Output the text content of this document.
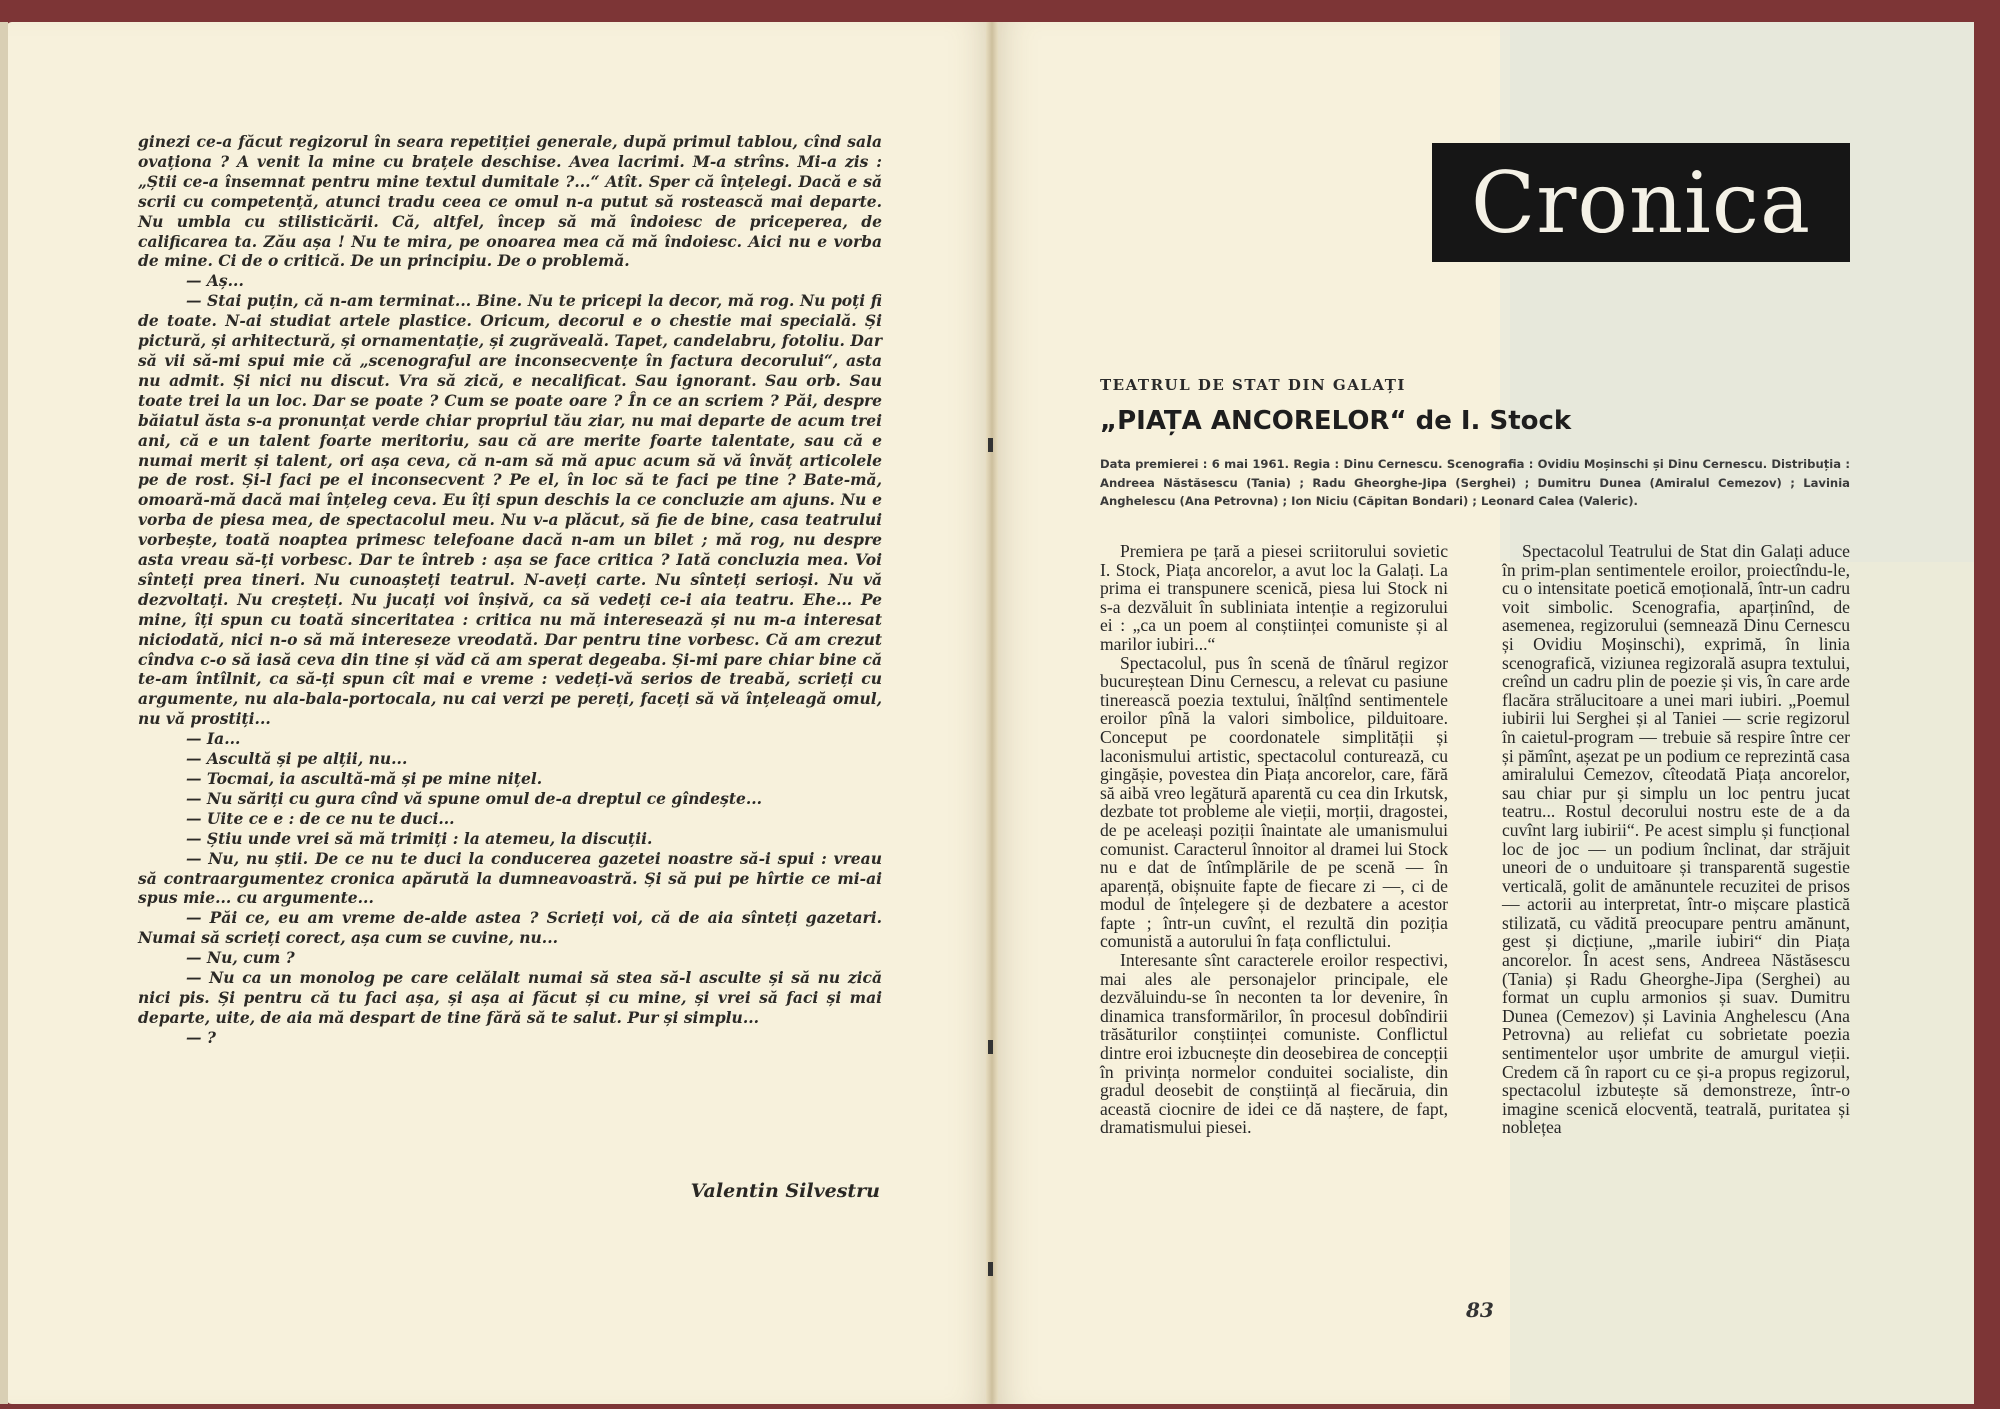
ginezi ce-a făcut regizorul în seara repetiției generale, după primul tablou, cînd sala ovaționa ? A venit la mine cu brațele deschise. Avea lacrimi. M-a strîns. Mi-a zis : „Știi ce-a însemnat pentru mine textul dumitale ?...“ Atît. Sper că înțelegi. Dacă e să scrii cu competență, atunci tradu ceea ce omul n-a putut să rostească mai departe. Nu umbla cu stilisticării. Că, altfel, încep să mă îndoiesc de priceperea, de calificarea ta. Zău așa ! Nu te mira, pe onoarea mea că mă îndoiesc. Aici nu e vorba de mine. Ci de o critică. De un principiu. De o problemă.

— Aș...

— Stai puțin, că n-am terminat... Bine. Nu te pricepi la decor, mă rog. Nu poți fi de toate. N-ai studiat artele plastice. Oricum, decorul e o chestie mai specială. Și pictură, și arhitectură, și ornamentație, și zugrăveală. Tapet, candelabru, fotoliu. Dar să vii să-mi spui mie că „scenograful are inconsecvențe în factura decorului“, asta nu admit. Și nici nu discut. Vra să zică, e necalificat. Sau ignorant. Sau orb. Sau toate trei la un loc. Dar se poate ? Cum se poate oare ? În ce an scriem ? Păi, despre băiatul ăsta s-a pronunțat verde chiar propriul tău ziar, nu mai departe de acum trei ani, că e un talent foarte meritoriu, sau că are merite foarte talentate, sau că e numai merit și talent, ori așa ceva, că n-am să mă apuc acum să vă învăț articolele pe de rost. Și-l faci pe el inconsecvent ? Pe el, în loc să te faci pe tine ? Bate-mă, omoară-mă dacă mai înțeleg ceva. Eu îți spun deschis la ce concluzie am ajuns. Nu e vorba de piesa mea, de spectacolul meu. Nu v-a plăcut, să fie de bine, casa teatrului vorbește, toată noaptea primesc telefoane dacă n-am un bilet ; mă rog, nu despre asta vreau să-ți vorbesc. Dar te întreb : așa se face critica ? Iată concluzia mea. Voi sînteți prea tineri. Nu cunoașteți teatrul. N-aveți carte. Nu sînteți serioși. Nu vă dezvoltați. Nu creșteți. Nu jucați voi înșivă, ca să vedeți ce-i aia teatru. Ehe... Pe mine, îți spun cu toată sinceritatea : critica nu mă interesează și nu m-a interesat niciodată, nici n-o să mă intereseze vreodată. Dar pentru tine vorbesc. Că am crezut cîndva c-o să iasă ceva din tine și văd că am sperat degeaba. Și-mi pare chiar bine că te-am întîlnit, ca să-ți spun cît mai e vreme : vedeți-vă serios de treabă, scrieți cu argumente, nu ala-bala-portocala, nu cai verzi pe pereți, faceți să vă înțeleagă omul, nu vă prostiți...

— Ia...

— Ascultă și pe alții, nu...

— Tocmai, ia ascultă-mă și pe mine nițel.

— Nu săriți cu gura cînd vă spune omul de-a dreptul ce gîndește...

— Uite ce e : de ce nu te duci...

— Știu unde vrei să mă trimiți : la atemeu, la discuții.

— Nu, nu știi. De ce nu te duci la conducerea gazetei noastre să-i spui : vreau să contraargumentez cronica apărută la dumneavoastră. Și să pui pe hîrtie ce mi-ai spus mie... cu argumente...

— Păi ce, eu am vreme de-alde astea ? Scrieți voi, că de aia sînteți gazetari. Numai să scrieți corect, așa cum se cuvine, nu...

— Nu, cum ?

— Nu ca un monolog pe care celălalt numai să stea să-l asculte și să nu zică nici pis. Și pentru că tu faci așa, și așa ai făcut și cu mine, și vrei să faci și mai departe, uite, de aia mă despart de tine fără să te salut. Pur și simplu...

— ?

Valentin Silvestru
Cronica
TEATRUL DE STAT DIN GALAȚI
„PIAȚA ANCORELOR“ de I. Stock
Data premierei : 6 mai 1961. Regia : Dinu Cernescu. Scenografia : Ovidiu Moșinschi și Dinu Cernescu. Distribuția : Andreea Năstăsescu (Tania) ; Radu Gheorghe-Jipa (Serghei) ; Dumitru Dunea (Amiralul Cemezov) ; Lavinia Anghelescu (Ana Petrovna) ; Ion Niciu (Căpitan Bondari) ; Leonard Calea (Valeric).

Premiera pe țară a piesei scriitorului sovietic I. Stock, Piața ancorelor, a avut loc la Galați. La prima ei transpunere scenică, piesa lui Stock ni s-a dezvăluit în subliniata intenție a regizorului ei : „ca un poem al conștiinței comuniste și al marilor iubiri...“

Spectacolul, pus în scenă de tînărul regizor bucureștean Dinu Cernescu, a relevat cu pasiune tinerească poezia textului, înălțînd sentimentele eroilor pînă la valori simbolice, pilduitoare. Conceput pe coordonatele simplității și laconismului artistic, spectacolul conturează, cu gingășie, povestea din Piața ancorelor, care, fără să aibă vreo legătură aparentă cu cea din Irkutsk, dezbate tot probleme ale vieții, morții, dragostei, de pe aceleași poziții înaintate ale umanismului comunist. Caracterul înnoitor al dramei lui Stock nu e dat de întîmplările de pe scenă — în aparență, obișnuite fapte de fiecare zi —, ci de modul de înțelegere și de dezbatere a acestor fapte ; într-un cuvînt, el rezultă din poziția comunistă a autorului în fața conflictului.

Interesante sînt caracterele eroilor respectivi, mai ales ale personajelor principale, ele dezvăluindu-se în neconten ta lor devenire, în dinamica transformărilor, în procesul dobîndirii trăsăturilor conștiinței comuniste. Conflictul dintre eroi izbucnește din deosebirea de concepții în privința normelor conduitei socialiste, din gradul deosebit de conștiință al fiecăruia, din această ciocnire de idei ce dă naștere, de fapt, dramatismului piesei.

Spectacolul Teatrului de Stat din Galați aduce în prim-plan sentimentele eroilor, proiectîndu-le, cu o intensitate poetică emoțională, într-un cadru voit simbolic. Scenografia, aparținînd, de asemenea, regizorului (semnează Dinu Cernescu și Ovidiu Moșinschi), exprimă, în linia scenografică, viziunea regizorală asupra textului, creînd un cadru plin de poezie și vis, în care arde flacăra strălucitoare a unei mari iubiri. „Poemul iubirii lui Serghei și al Taniei — scrie regizorul în caietul-program — trebuie să respire între cer și pămînt, așezat pe un podium ce reprezintă casa amiralului Cemezov, cîteodată Piața ancorelor, sau chiar pur și simplu un loc pentru jucat teatru... Rostul decorului nostru este de a da cuvînt larg iubirii“. Pe acest simplu și funcțional loc de joc — un podium înclinat, dar străjuit uneori de o unduitoare și transparentă sugestie verticală, golit de amănuntele recuzitei de prisos — actorii au interpretat, într-o mișcare plastică stilizată, cu vădită preocupare pentru amănunt, gest și dicțiune, „marile iubiri“ din Piața ancorelor. În acest sens, Andreea Năstăsescu (Tania) și Radu Gheorghe-Jipa (Serghei) au format un cuplu armonios și suav. Dumitru Dunea (Cemezov) și Lavinia Anghelescu (Ana Petrovna) au reliefat cu sobrietate poezia sentimentelor ușor umbrite de amurgul vieții. Credem că în raport cu ce și-a propus regizorul, spectacolul izbutește să demonstreze, într-o imagine scenică elocventă, teatrală, puritatea și noblețea

83
